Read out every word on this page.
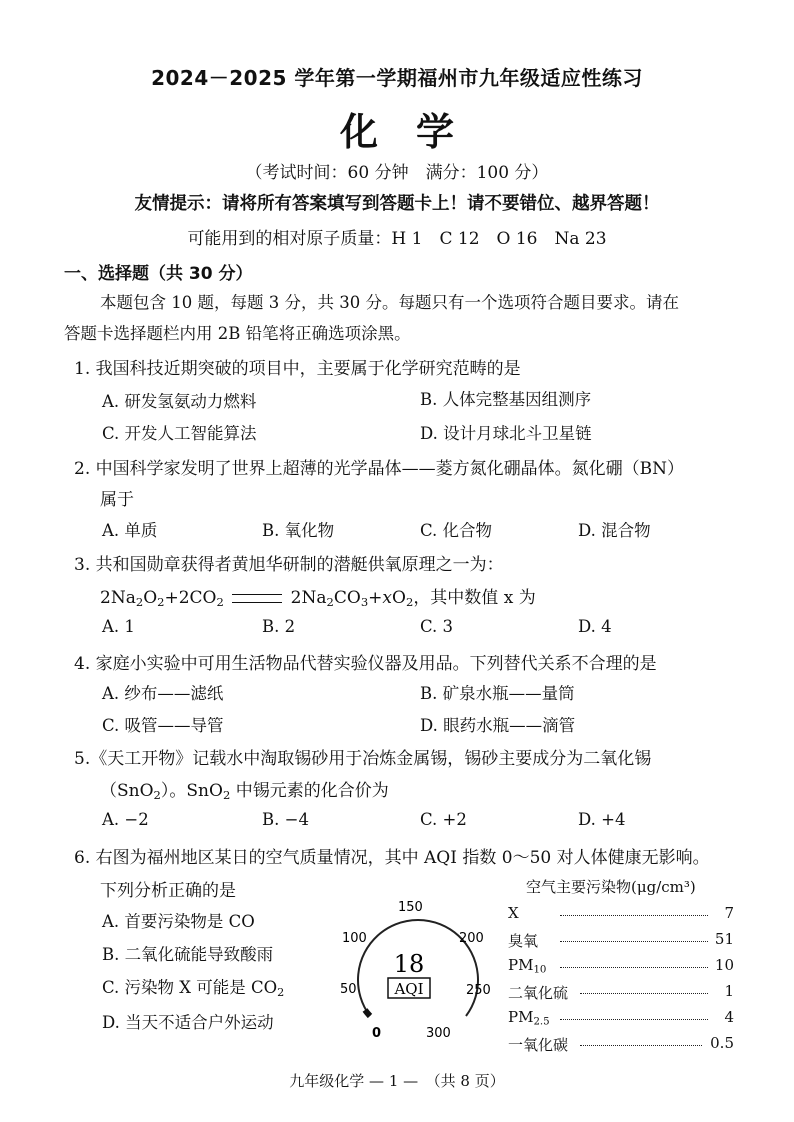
2024－2025 学年第一学期福州市九年级适应性练习
化　学
（考试时间：60 分钟　满分：100 分）
友情提示：请将所有答案填写到答题卡上！请不要错位、越界答题！
可能用到的相对原子质量：H 1　C 12　O 16　Na 23
一、选择题（共 30 分）
本题包含 10 题，每题 3 分，共 30 分。每题只有一个选项符合题目要求。请在
答题卡选择题栏内用 2B 铅笔将正确选项涂黑。
1. 我国科技近期突破的项目中，主要属于化学研究范畴的是
A. 研发氢氨动力燃料	B. 人体完整基因组测序
C. 开发人工智能算法	D. 设计月球北斗卫星链
2. 中国科学家发明了世界上超薄的光学晶体——菱方氮化硼晶体。氮化硼（BN）
属于
A. 单质	B. 氧化物	C. 化合物	D. 混合物
3. 共和国勋章获得者黄旭华研制的潜艇供氧原理之一为：
$2Na_2O_2+2CO_2$	$2Na_2CO_3+xO_2$，其中数值 x 为
A. 1	B. 2	C. 3	D. 4
4. 家庭小实验中可用生活物品代替实验仪器及用品。下列替代关系不合理的是
A. 纱布——滤纸	B. 矿泉水瓶——量筒
C. 吸管——导管	D. 眼药水瓶——滴管
5.《天工开物》记载水中淘取锡砂用于冶炼金属锡，锡砂主要成分为二氧化锡
（SnO$_2$）。SnO$_2$ 中锡元素的化合价为
A. −2	B. −4	C. +2	D. +4
6. 右图为福州地区某日的空气质量情况，其中 AQI 指数 0～50 对人体健康无影响。
下列分析正确的是
A. 首要污染物是 CO
B. 二氧化硫能导致酸雨
C. 污染物 X 可能是 $CO_2$
D. 当天不适合户外运动
0
50
100
150
200
250
300
18
AQI
空气主要污染物(μg/cm³)
X	7
臭氧	51
$PM_{10}$	10
二氧化硫	1
$PM_{2.5}$	4
一氧化碳	0.5
九年级化学 — 1 —　（共 8 页）
